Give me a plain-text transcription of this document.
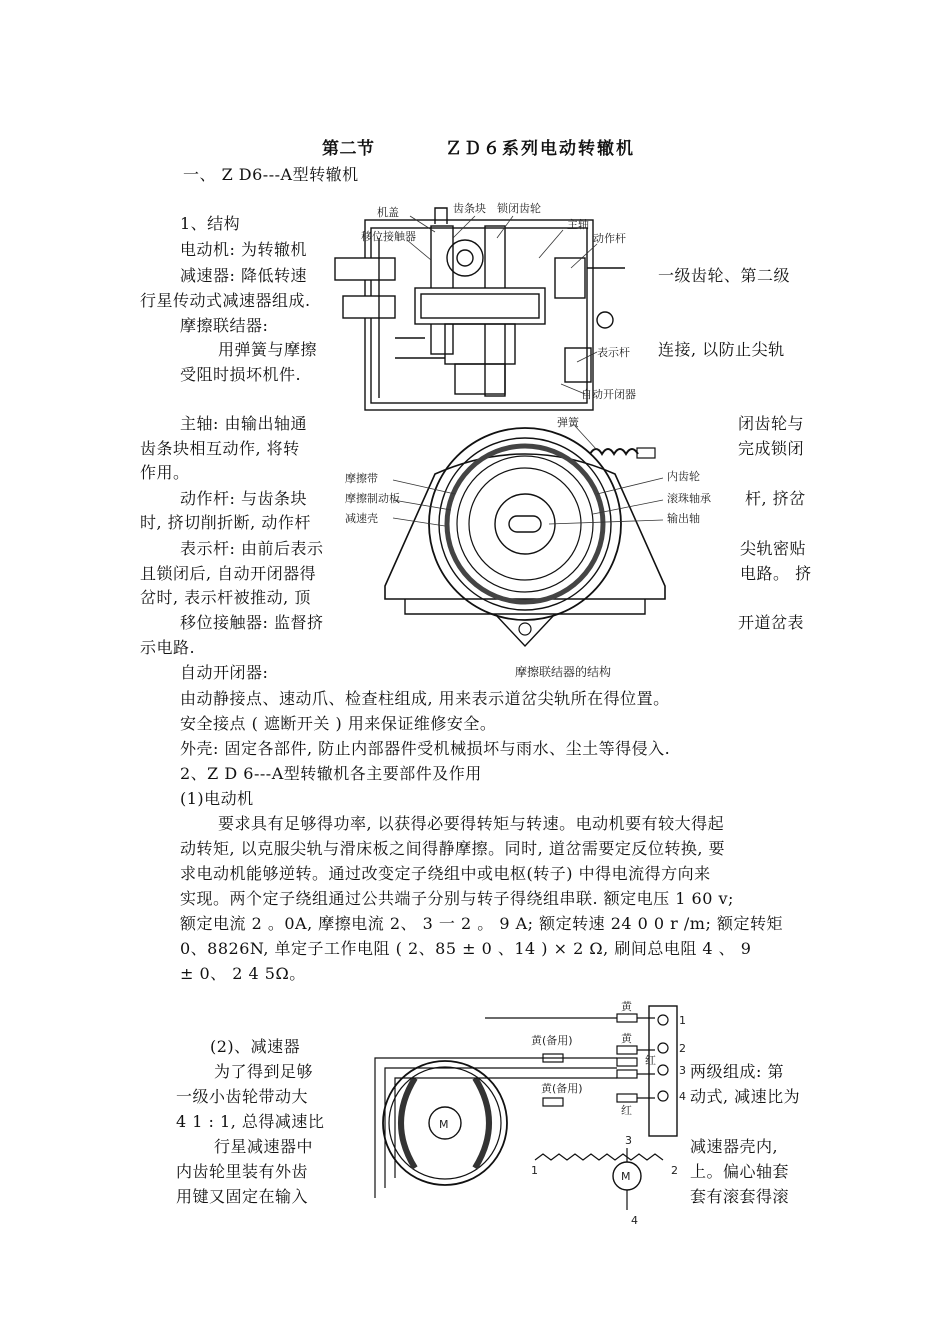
第二节	ＺＤ６系列电动转辙机
一、 Z D6---A型转辙机
1、结构
电动机: 为转辙机
减速器: 降低转速	一级齿轮、第二级
行星传动式减速器组成.
摩擦联结器:
用弹簧与摩擦	连接, 以防止尖轨
受阻时损坏机件.
主轴: 由输出轴通	闭齿轮与
齿条块相互动作, 将转	完成锁闭
作用。
动作杆: 与齿条块	杆, 挤岔
时, 挤切削折断, 动作杆
表示杆: 由前后表示	尖轨密贴
且锁闭后, 自动开闭器得	电路。 挤
岔时, 表示杆被推动, 顶
移位接触器: 监督挤	开道岔表
示电路.
自动开闭器:
由动静接点、速动爪、检查柱组成, 用来表示道岔尖轨所在得位置。
安全接点 ( 遮断开关 ) 用来保证维修安全。
外壳: 固定各部件, 防止内部器件受机械损坏与雨水、尘土等得侵入.
2、Z D 6---A型转辙机各主要部件及作用
(1)电动机
要求具有足够得功率, 以获得必要得转矩与转速。电动机要有较大得起
动转矩, 以克服尖轨与滑床板之间得静摩擦。同时, 道岔需要定反位转换, 要
求电动机能够逆转。通过改变定子绕组中或电枢(转子) 中得电流得方向来
实现。两个定子绕组通过公共端子分别与转子得绕组串联. 额定电压 1 60 v;
额定电流 2 。0A, 摩擦电流 2、 3 一 2 。 9 A; 额定转速 24 0 0 r /m; 额定转矩
0、8826N, 单定子工作电阻 ( 2、85 ± 0 、14 ) × 2 Ω, 刷间总电阻 4 、 9
± 0、 2 4 5Ω。
(2)、减速器
为了得到足够	两级组成: 第
一级小齿轮带动大	动式, 减速比为
4 1 : 1, 总得减速比
行星减速器中	减速器壳内,
内齿轮里装有外齿	上。偏心轴套
用键又固定在输入	套有滚套得滚
机盖	齿条块 锁闭齿轮
主轴
移位接触器	动作杆
表示杆
自动开闭器
弹簧
摩擦带
摩擦制动板
减速壳
内齿轮
滚珠轴承
输出轴
摩擦联结器的结构
黄
黄(备用)	黄
红
黄(备用)
红
1
2
3
4
1
3
2
4
M
M
